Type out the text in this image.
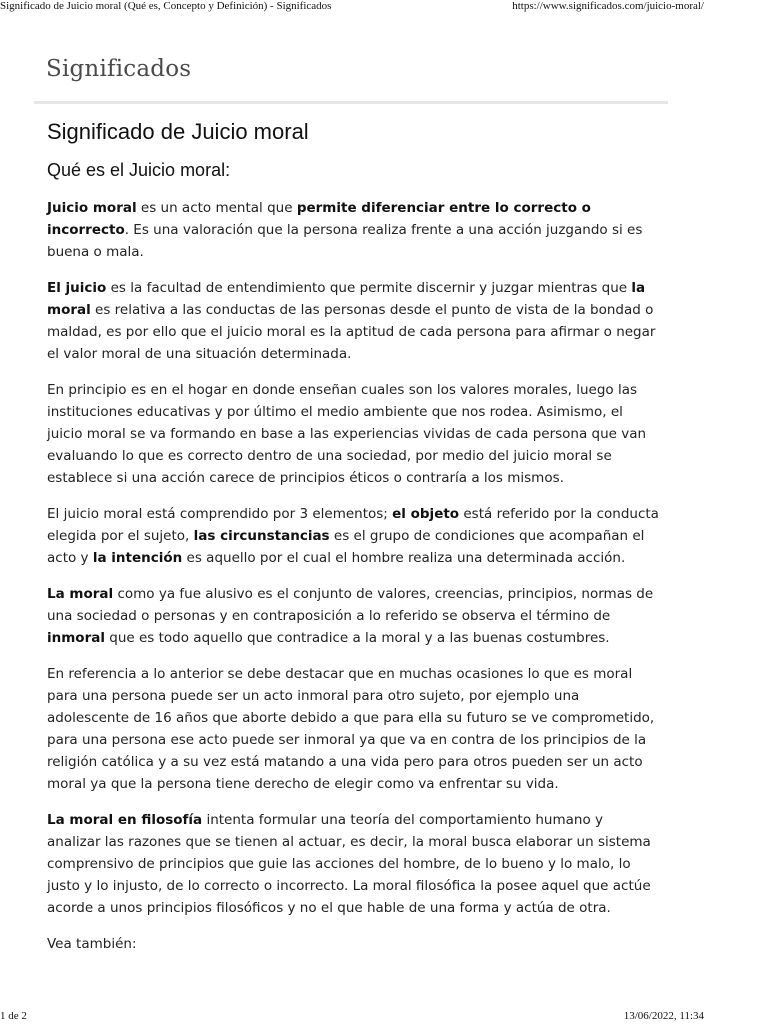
Significado de Juicio moral (Qué es, Concepto y Definición) - Significados	https://www.significados.com/juicio-moral/
Significados
Significado de Juicio moral
Qué es el Juicio moral:

Juicio moral es un acto mental que permite diferenciar entre lo correcto o incorrecto. Es una valoración que la persona realiza frente a una acción juzgando si es buena o mala.

El juicio es la facultad de entendimiento que permite discernir y juzgar mientras que la moral es relativa a las conductas de las personas desde el punto de vista de la bondad o maldad, es por ello que el juicio moral es la aptitud de cada persona para afirmar o negar el valor moral de una situación determinada.

En principio es en el hogar en donde enseñan cuales son los valores morales, luego las instituciones educativas y por último el medio ambiente que nos rodea. Asimismo, el juicio moral se va formando en base a las experiencias vividas de cada persona que van evaluando lo que es correcto dentro de una sociedad, por medio del juicio moral se establece si una acción carece de principios éticos o contraría a los mismos.

El juicio moral está comprendido por 3 elementos; el objeto está referido por la conducta elegida por el sujeto, las circunstancias es el grupo de condiciones que acompañan el acto y la intención es aquello por el cual el hombre realiza una determinada acción.

La moral como ya fue alusivo es el conjunto de valores, creencias, principios, normas de una sociedad o personas y en contraposición a lo referido se observa el término de inmoral que es todo aquello que contradice a la moral y a las buenas costumbres.

En referencia a lo anterior se debe destacar que en muchas ocasiones lo que es moral para una persona puede ser un acto inmoral para otro sujeto, por ejemplo una adolescente de 16 años que aborte debido a que para ella su futuro se ve comprometido, para una persona ese acto puede ser inmoral ya que va en contra de los principios de la religión católica y a su vez está matando a una vida pero para otros pueden ser un acto moral ya que la persona tiene derecho de elegir como va enfrentar su vida.

La moral en filosofía intenta formular una teoría del comportamiento humano y analizar las razones que se tienen al actuar, es decir, la moral busca elaborar un sistema comprensivo de principios que guie las acciones del hombre, de lo bueno y lo malo, lo justo y lo injusto, de lo correcto o incorrecto. La moral filosófica la posee aquel que actúe acorde a unos principios filosóficos y no el que hable de una forma y actúa de otra.

Vea también:

1 de 2	13/06/2022, 11:34
